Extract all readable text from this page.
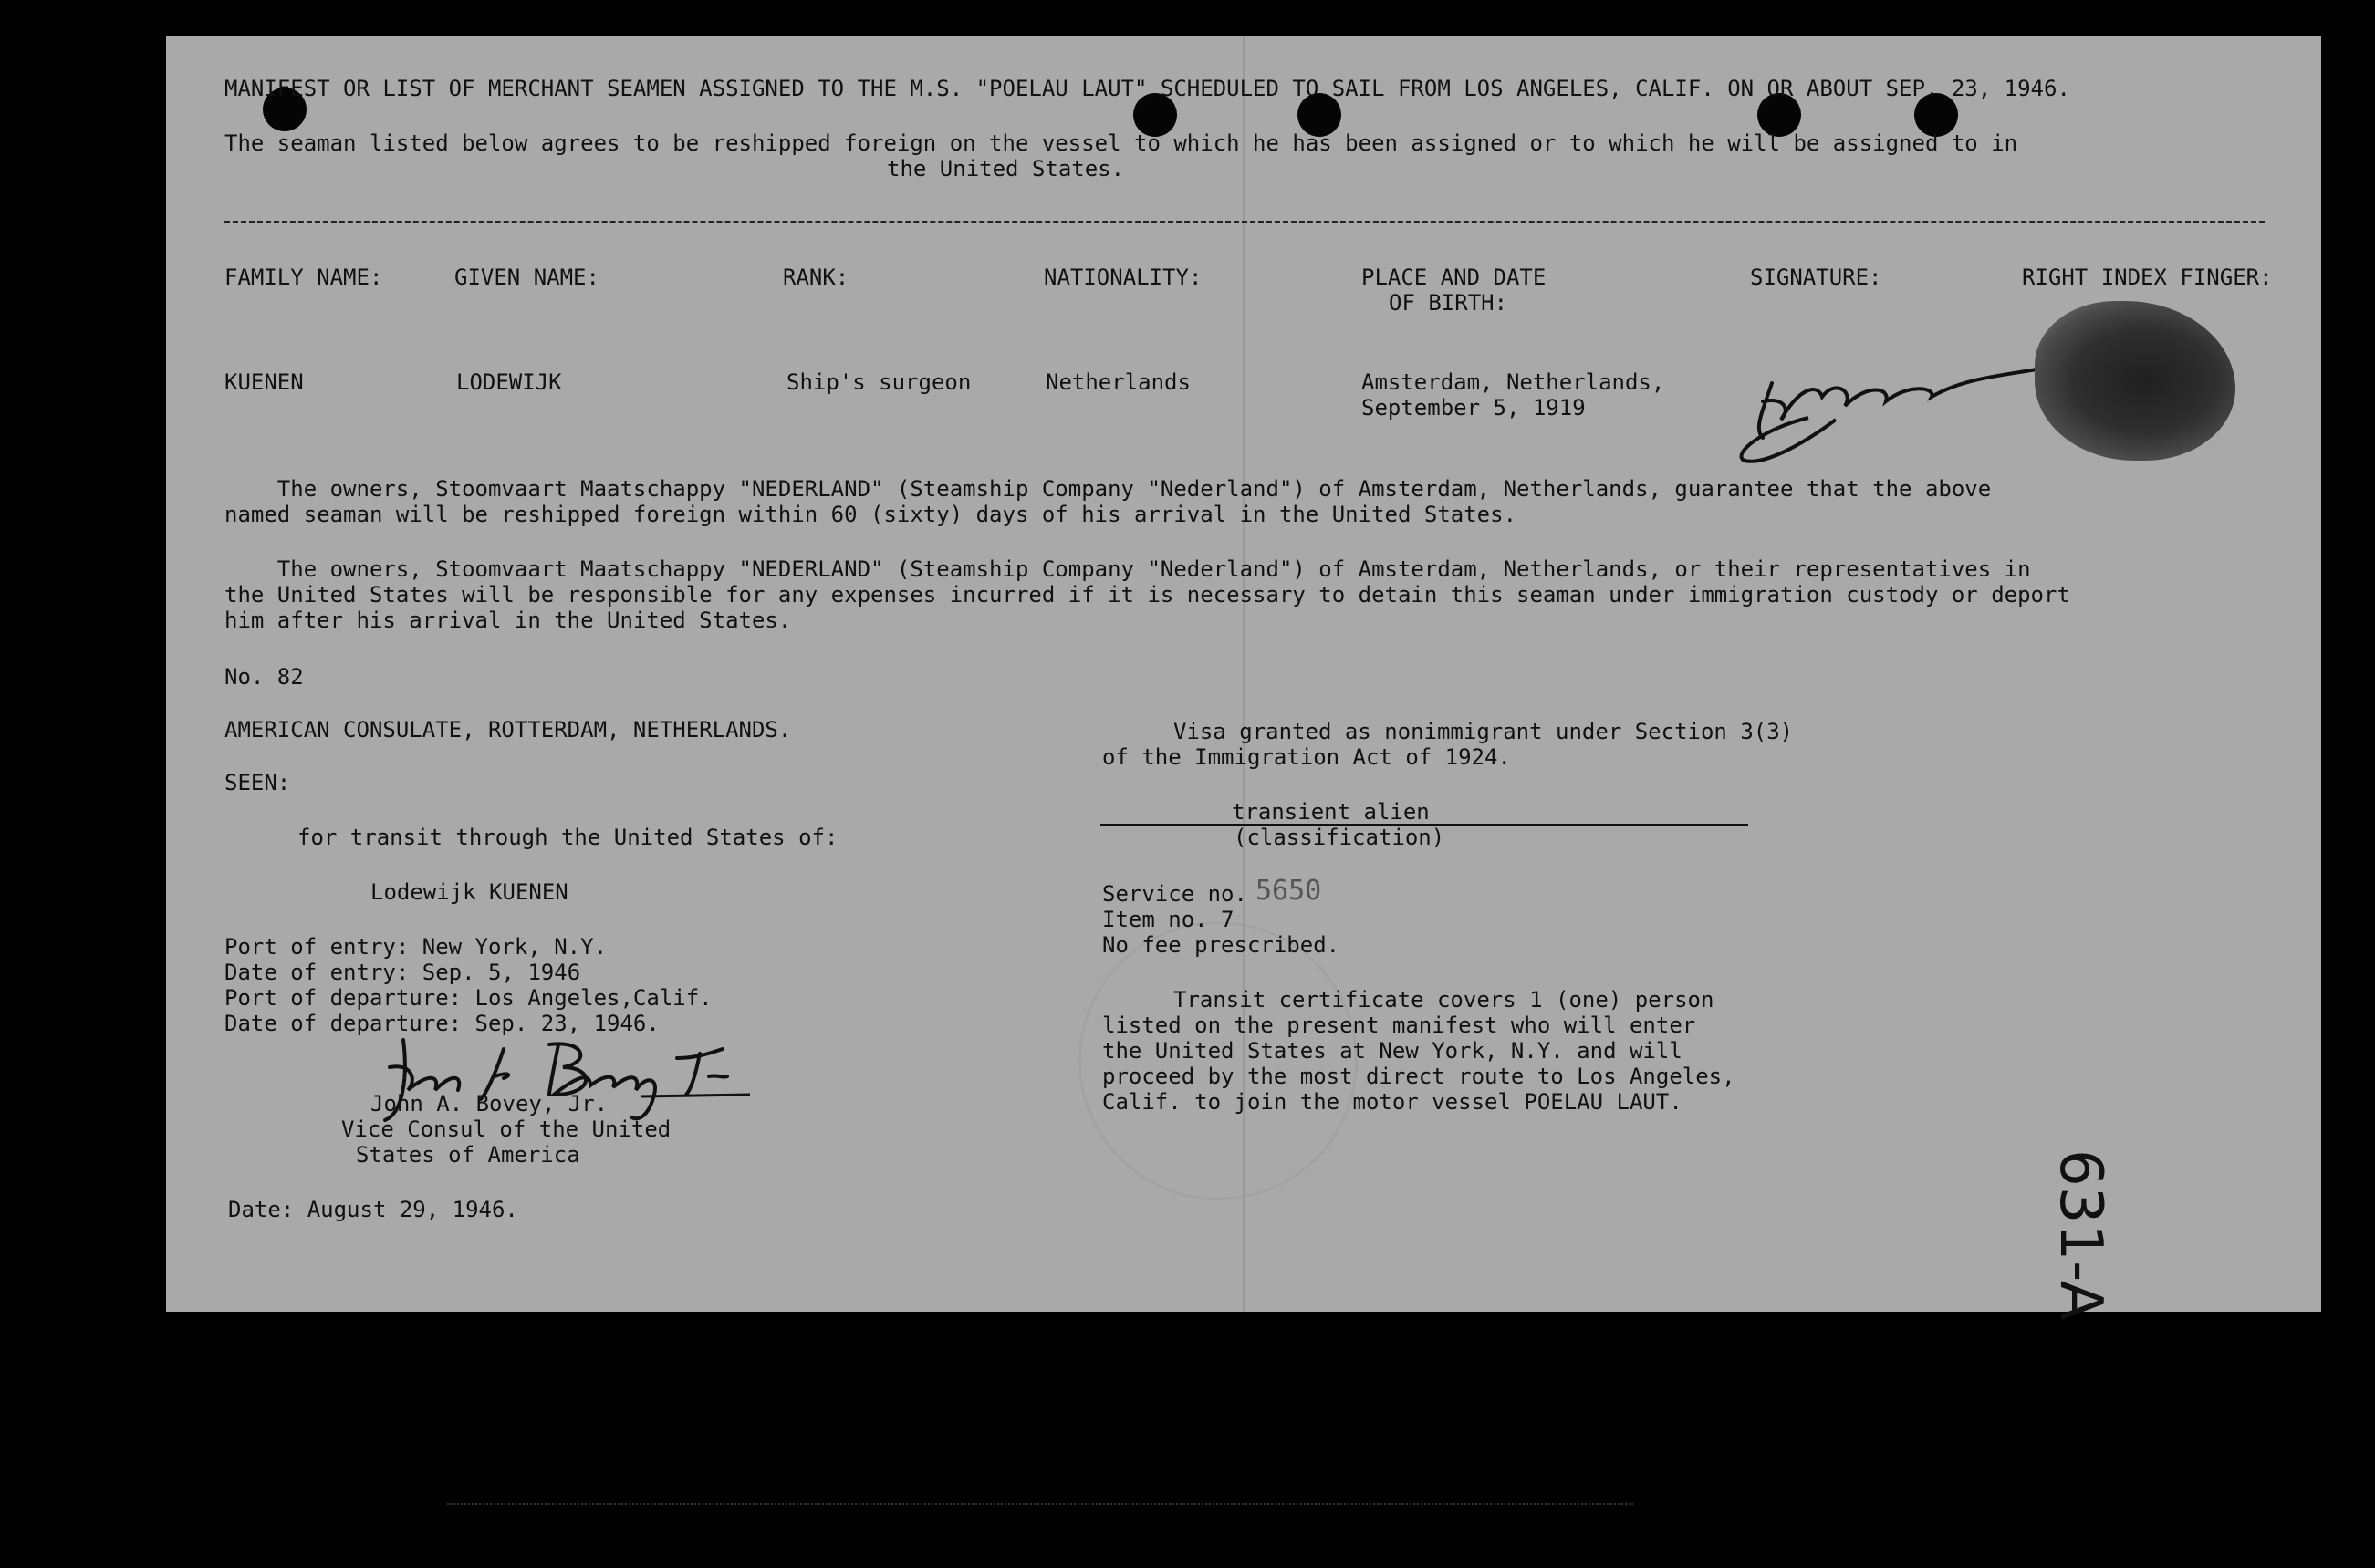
MANIFEST OR LIST OF MERCHANT SEAMEN ASSIGNED TO THE M.S. "POELAU LAUT" SCHEDULED TO SAIL FROM LOS ANGELES, CALIF. ON OR ABOUT SEP. 23, 1946.
The seaman listed below agrees to be reshipped foreign on the vessel to which he has been assigned or to which he will be assigned to in
the United States.
FAMILY NAME:	GIVEN NAME:	RANK:	NATIONALITY:	PLACE AND DATE
OF BIRTH:
SIGNATURE:	RIGHT INDEX FINGER:
KUENEN	LODEWIJK	Ship's surgeon	Netherlands	Amsterdam, Netherlands,
September 5, 1919
The owners, Stoomvaart Maatschappy "NEDERLAND" (Steamship Company "Nederland") of Amsterdam, Netherlands, guarantee that the above
named seaman will be reshipped foreign within 60 (sixty) days of his arrival in the United States.
The owners, Stoomvaart Maatschappy "NEDERLAND" (Steamship Company "Nederland") of Amsterdam, Netherlands, or their representatives in
the United States will be responsible for any expenses incurred if it is necessary to detain this seaman under immigration custody or deport
him after his arrival in the United States.
No. 82
AMERICAN CONSULATE, ROTTERDAM, NETHERLANDS.
SEEN:
for transit through the United States of:
Lodewijk KUENEN
Port of entry: New York, N.Y.
Date of entry: Sep. 5, 1946
Port of departure: Los Angeles,Calif.
Date of departure: Sep. 23, 1946.
John A. Bovey, Jr.
Vice Consul of the United
States of America
Date: August 29, 1946.
Visa granted as nonimmigrant under Section 3(3)
of the Immigration Act of 1924.
transient alien
(classification)
Service no. 5650
Item no. 7
No fee prescribed.
Transit certificate covers 1 (one) person
listed on the present manifest who will enter
the United States at New York, N.Y. and will
proceed by the most direct route to Los Angeles,
Calif. to join the motor vessel POELAU LAUT.
631-A
